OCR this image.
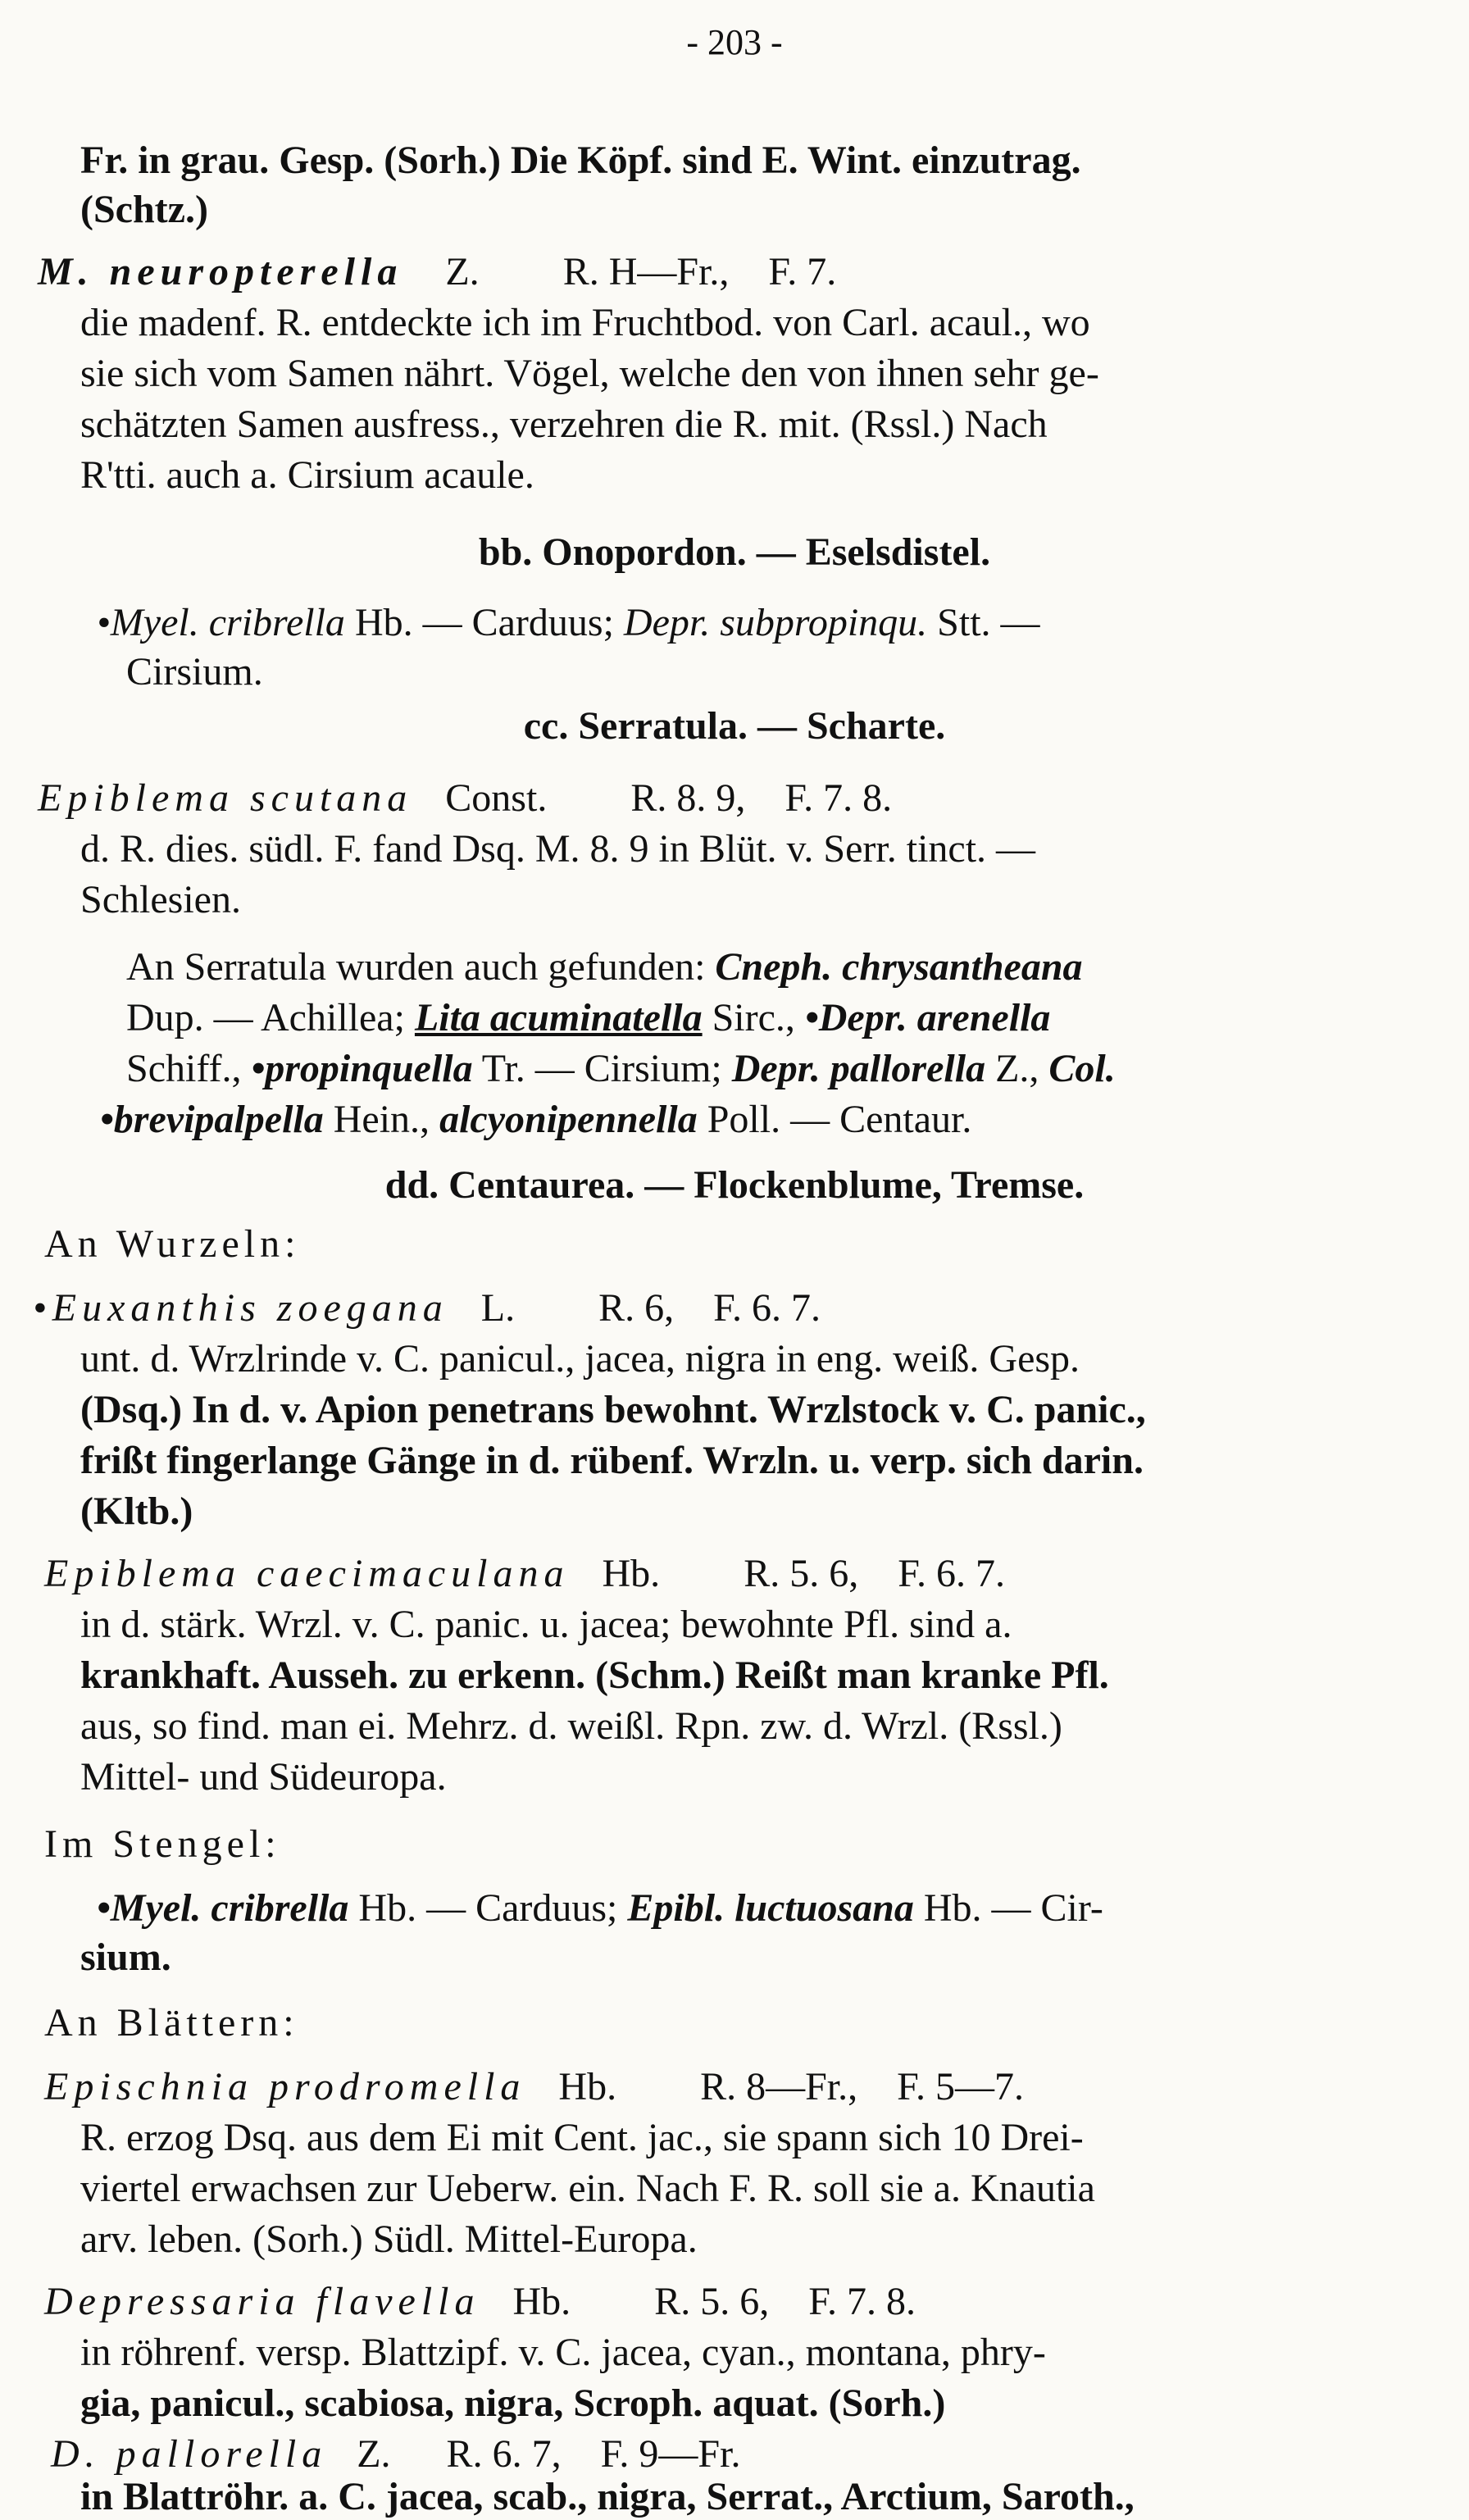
- 203 -
Fr. in grau. Gesp. (Sorh.) Die Köpf. sind E. Wint. einzutrag.
(Schtz.)
M. neuropterella Z. R. H—Fr.,    F. 7.
die madenf. R. entdeckte ich im Fruchtbod. von Carl. acaul., wo
sie sich vom Samen nährt. Vögel, welche den von ihnen sehr ge-
schätzten Samen ausfress., verzehren die R. mit. (Rssl.) Nach
R'tti. auch a. Cirsium acaule.
bb. Onopordon. — Eselsdistel.
•Myel. cribrella Hb. — Carduus; Depr. subpropinqu. Stt. —
Cirsium.
cc. Serratula. — Scharte.
Epiblema scutana Const. R. 8. 9,    F. 7. 8.
d. R. dies. südl. F. fand Dsq. M. 8. 9 in Blüt. v. Serr. tinct. —
Schlesien.
An Serratula wurden auch gefunden: Cneph. chrysantheana
Dup. — Achillea; Lita acuminatella Sirc., •Depr. arenella
Schiff., •propinquella Tr. — Cirsium; Depr. pallorella Z., Col.
•brevipalpella Hein., alcyonipennella Poll. — Centaur.
dd. Centaurea. — Flockenblume, Tremse.
An Wurzeln:
•Euxanthis zoegana L. R. 6,    F. 6. 7.
unt. d. Wrzlrinde v. C. panicul., jacea, nigra in eng. weiß. Gesp.
(Dsq.) In d. v. Apion penetrans bewohnt. Wrzlstock v. C. panic.,
frißt fingerlange Gänge in d. rübenf. Wrzln. u. verp. sich darin.
(Kltb.)
Epiblema caecimaculana Hb. R. 5. 6,    F. 6. 7.
in d. stärk. Wrzl. v. C. panic. u. jacea; bewohnte Pfl. sind a.
krankhaft. Ausseh. zu erkenn. (Schm.) Reißt man kranke Pfl.
aus, so find. man ei. Mehrz. d. weißl. Rpn. zw. d. Wrzl. (Rssl.)
Mittel- und Südeuropa.
Im Stengel:
•Myel. cribrella Hb. — Carduus; Epibl. luctuosana Hb. — Cir-
sium.
An Blättern:
Epischnia prodromella Hb. R. 8—Fr.,    F. 5—7.
R. erzog Dsq. aus dem Ei mit Cent. jac., sie spann sich 10 Drei-
viertel erwachsen zur Ueberw. ein. Nach F. R. soll sie a. Knautia
arv. leben. (Sorh.) Südl. Mittel-Europa.
Depressaria flavella Hb. R. 5. 6,    F. 7. 8.
in röhrenf. versp. Blattzipf. v. C. jacea, cyan., montana, phry-
gia, panicul., scabiosa, nigra, Scroph. aquat. (Sorh.)
D. pallorella Z. R. 6. 7,    F. 9—Fr.
in Blattröhr. a. C. jacea, scab., nigra, Serrat., Arctium, Saroth.,
